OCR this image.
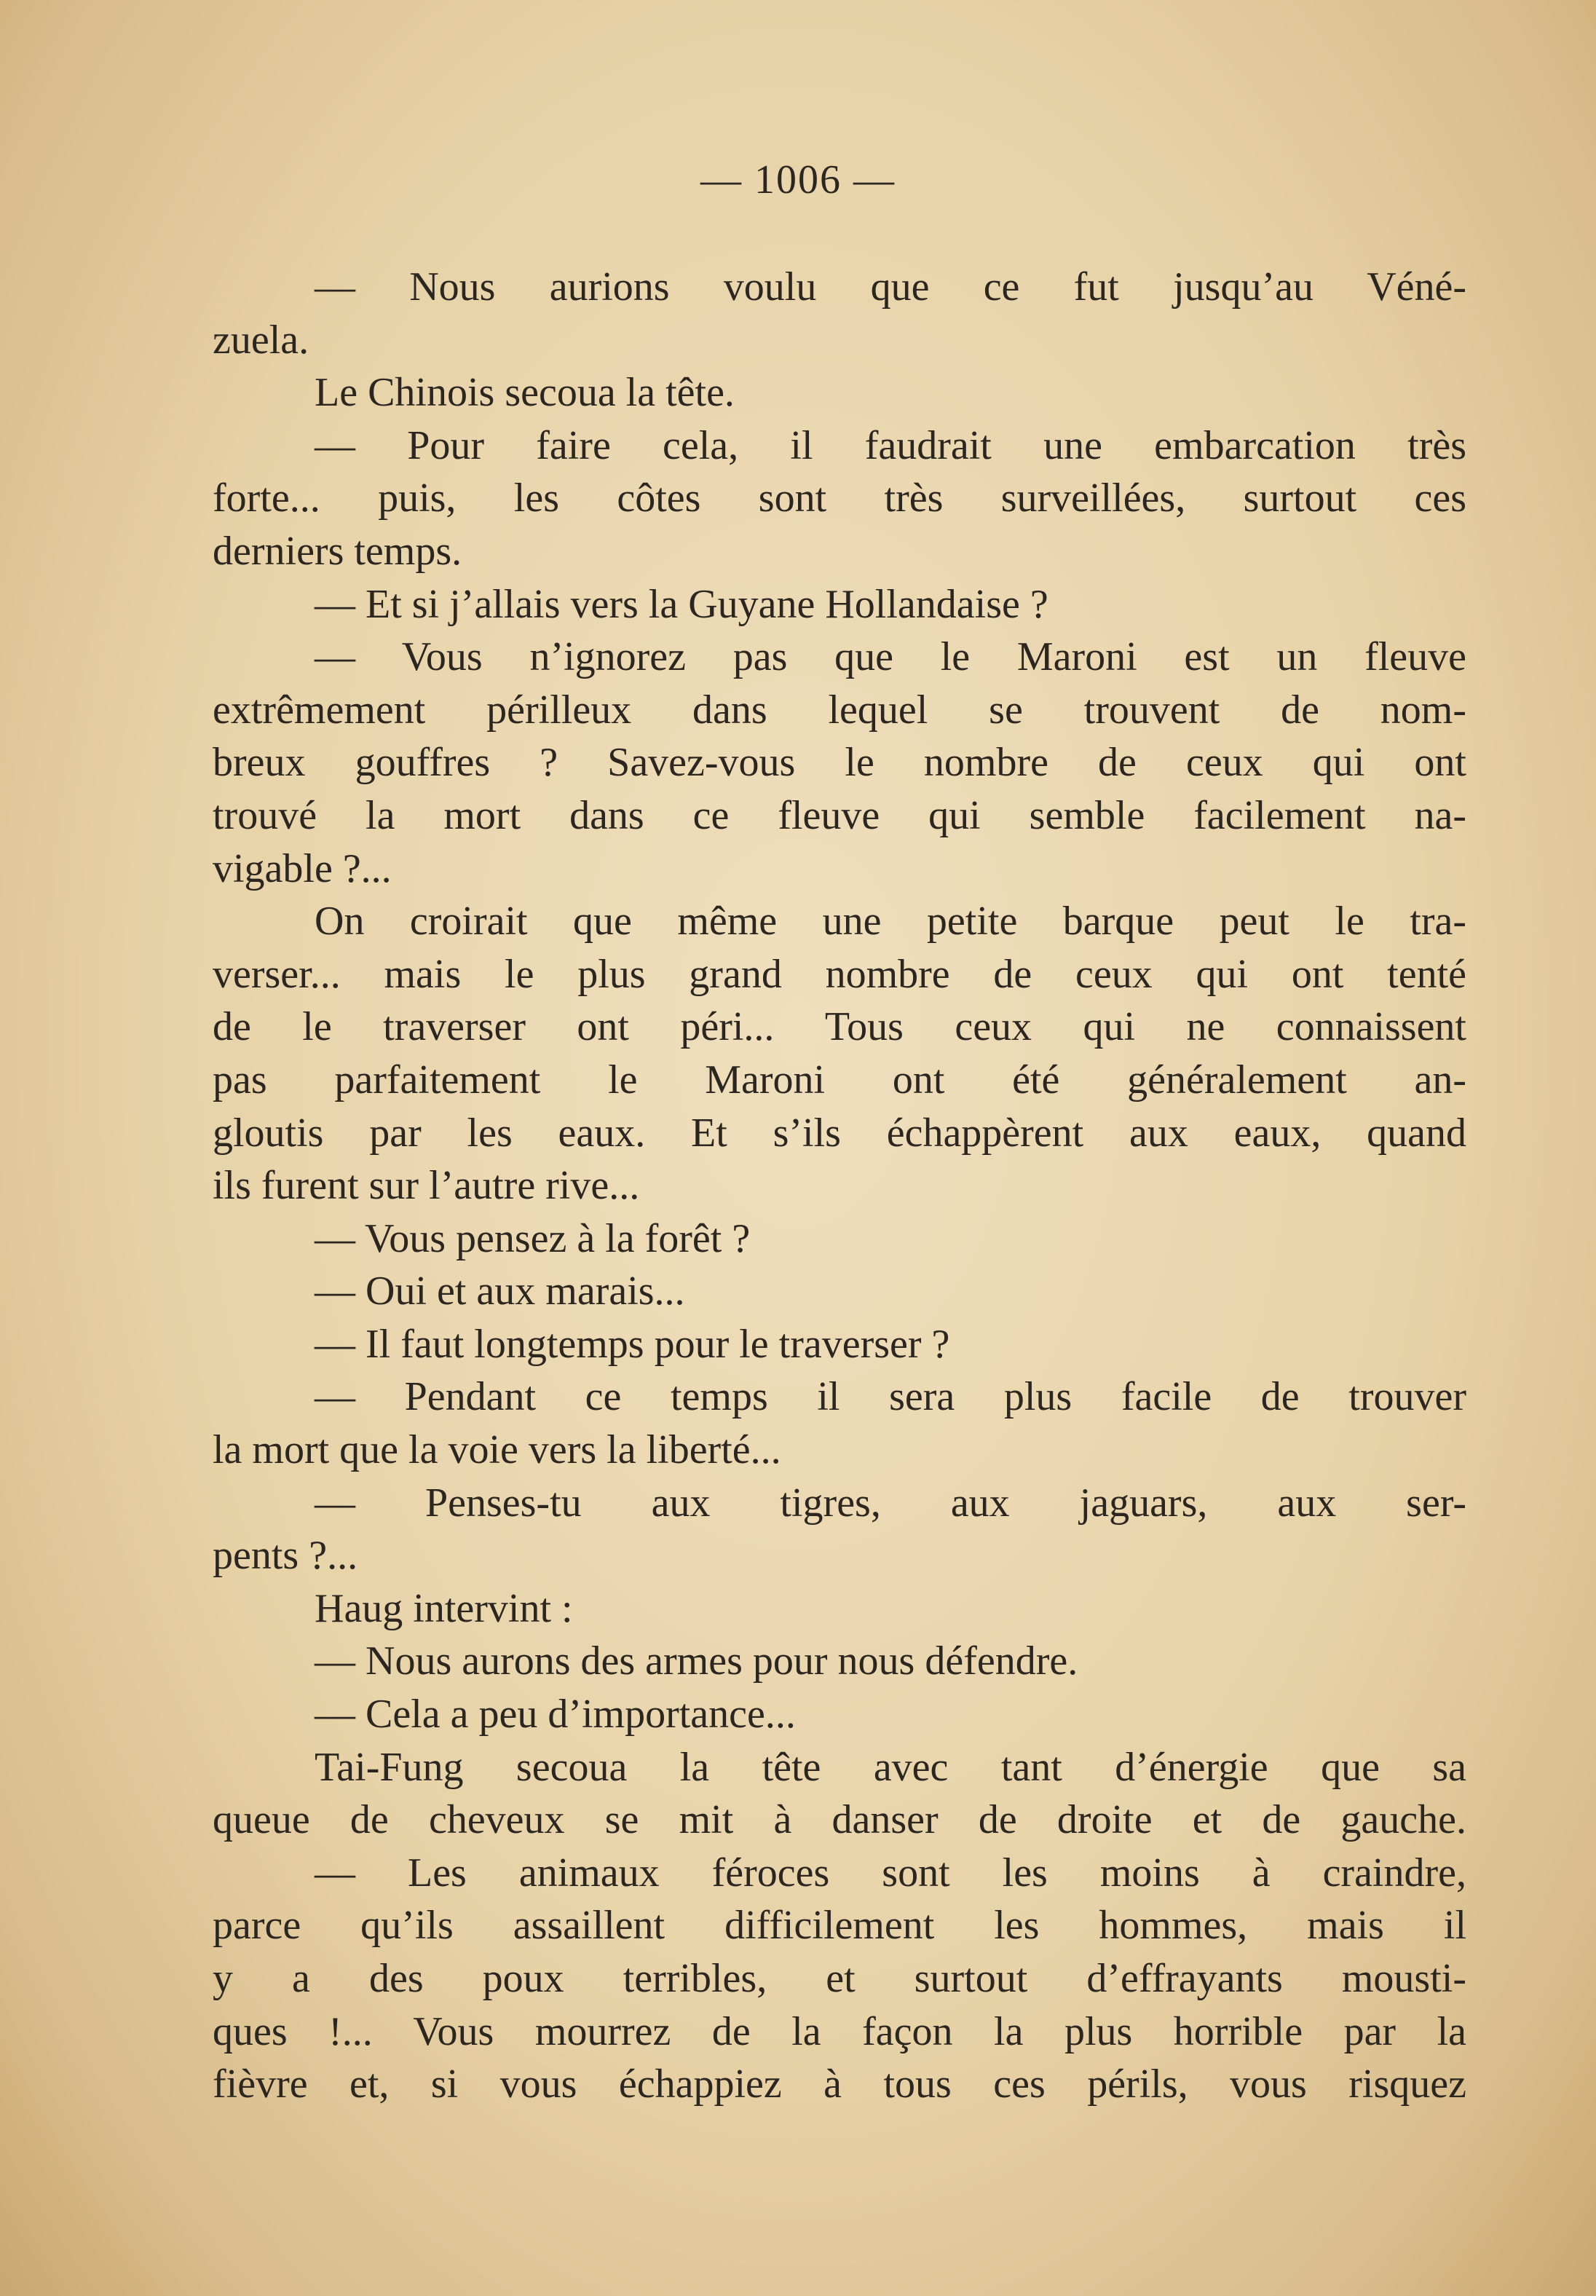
— 1006 —
— Nous aurions voulu que ce fut jusqu’au Véné-
zuela.
Le Chinois secoua la tête.
— Pour faire cela, il faudrait une embarcation très
forte... puis, les côtes sont très surveillées, surtout ces
derniers temps.
— Et si j’allais vers la Guyane Hollandaise ?
— Vous n’ignorez pas que le Maroni est un fleuve
extrêmement périlleux dans lequel se trouvent de nom-
breux gouffres ? Savez-vous le nombre de ceux qui ont
trouvé la mort dans ce fleuve qui semble facilement na-
vigable ?...
On croirait que même une petite barque peut le tra-
verser... mais le plus grand nombre de ceux qui ont tenté
de le traverser ont péri... Tous ceux qui ne connaissent
pas parfaitement le Maroni ont été généralement an-
gloutis par les eaux. Et s’ils échappèrent aux eaux, quand
ils furent sur l’autre rive...
— Vous pensez à la forêt ?
— Oui et aux marais...
— Il faut longtemps pour le traverser ?
— Pendant ce temps il sera plus facile de trouver
la mort que la voie vers la liberté...
— Penses-tu aux tigres, aux jaguars, aux ser-
pents ?...
Haug intervint :
— Nous aurons des armes pour nous défendre.
— Cela a peu d’importance...
Tai-Fung secoua la tête avec tant d’énergie que sa
queue de cheveux se mit à danser de droite et de gauche.
— Les animaux féroces sont les moins à craindre,
parce qu’ils assaillent difficilement les hommes, mais il
y a des poux terribles, et surtout d’effrayants mousti-
ques !... Vous mourrez de la façon la plus horrible par la
fièvre et, si vous échappiez à tous ces périls, vous risquez
